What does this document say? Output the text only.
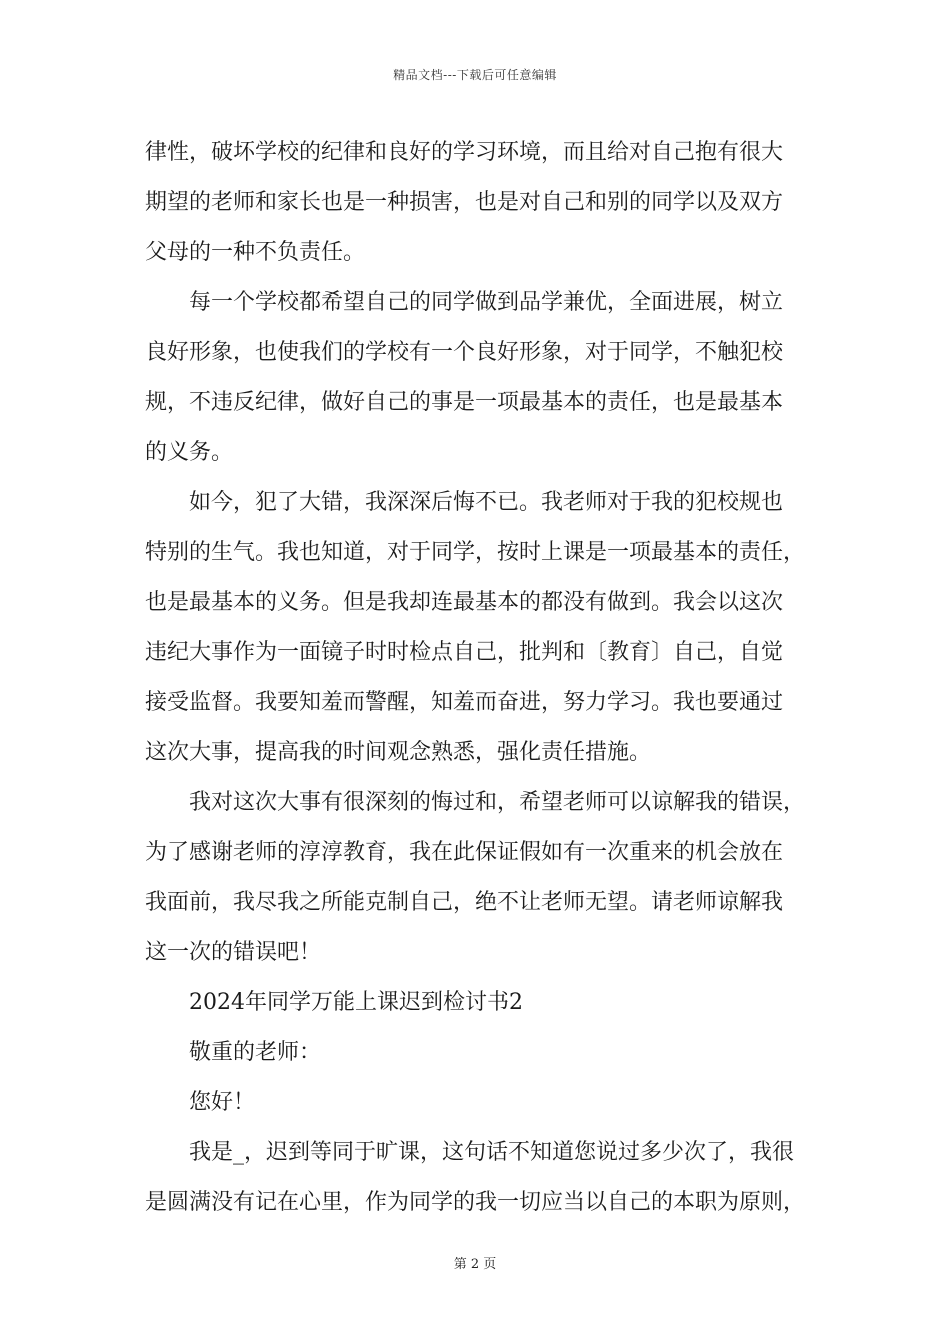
精品文档---下载后可任意编辑
律性，破坏学校的纪律和良好的学习环境，而且给对自己抱有很大
期望的老师和家长也是一种损害，也是对自己和别的同学以及双方
父母的一种不负责任。
每一个学校都希望自己的同学做到品学兼优，全面进展，树立
良好形象，也使我们的学校有一个良好形象，对于同学，不触犯校
规，不违反纪律，做好自己的事是一项最基本的责任，也是最基本
的义务。
如今，犯了大错，我深深后悔不已。我老师对于我的犯校规也
特别的生气。我也知道，对于同学，按时上课是一项最基本的责任，
也是最基本的义务。但是我却连最基本的都没有做到。我会以这次
违纪大事作为一面镜子时时检点自己，批判和〔教育〕自己，自觉
接受监督。我要知羞而警醒，知羞而奋进，努力学习。我也要通过
这次大事，提高我的时间观念熟悉，强化责任措施。
我对这次大事有很深刻的悔过和，希望老师可以谅解我的错误，
为了感谢老师的淳淳教育，我在此保证假如有一次重来的机会放在
我面前，我尽我之所能克制自己，绝不让老师无望。请老师谅解我
这一次的错误吧！
2024年同学万能上课迟到检讨书2
敬重的老师：
您好！
我是_，迟到等同于旷课，这句话不知道您说过多少次了，我很
是圆满没有记在心里，作为同学的我一切应当以自己的本职为原则，
第 2 页
